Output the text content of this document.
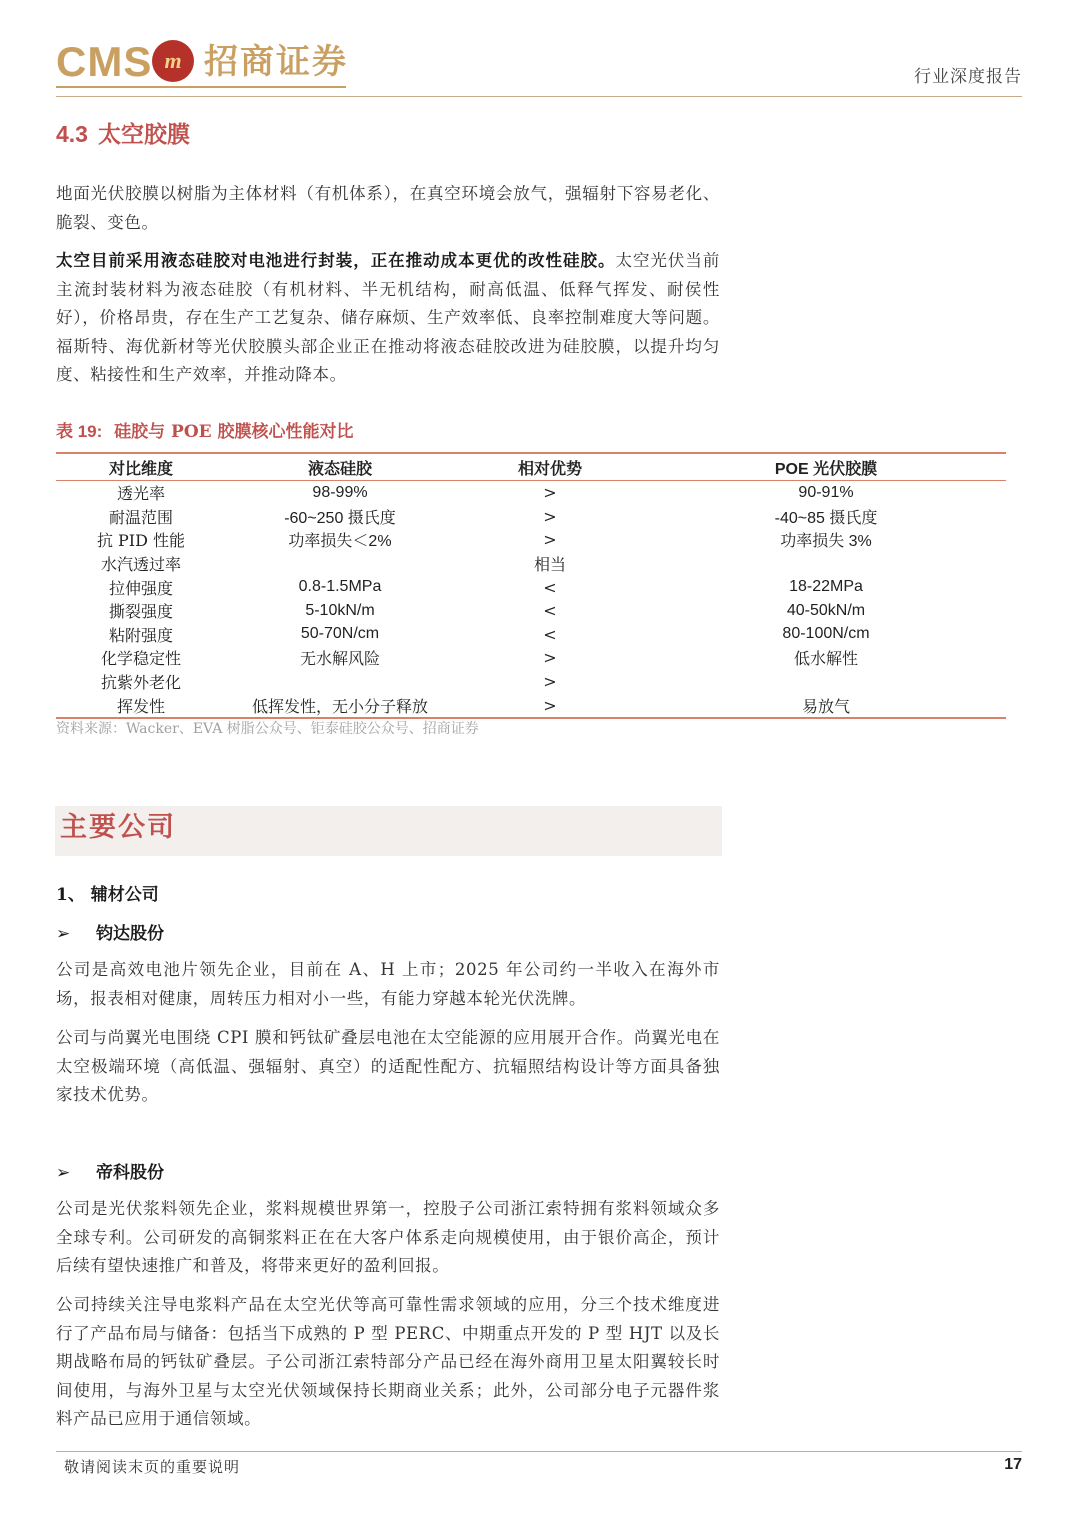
CMS m 招商证券	行业深度报告
4.3 太空胶膜
地面光伏胶膜以树脂为主体材料（有机体系），在真空环境会放气，强辐射下容易老化、脆裂、变色。
太空目前采用液态硅胶对电池进行封装，正在推动成本更优的改性硅胶。太空光伏当前主流封装材料为液态硅胶（有机材料、半无机结构，耐高低温、低释气挥发、耐侯性好），价格昂贵，存在生产工艺复杂、储存麻烦、生产效率低、良率控制难度大等问题。福斯特、海优新材等光伏胶膜头部企业正在推动将液态硅胶改进为硅胶膜，以提升均匀度、粘接性和生产效率，并推动降本。
表 19: 硅胶与 POE 胶膜核心性能对比
对比维度	液态硅胶	相对优势	POE 光伏胶膜
透光率	98-99%	>	90-91%
耐温范围	-60~250 摄氏度	>	-40~85 摄氏度
抗 PID 性能	功率损失＜2%	>	功率损失 3%
水汽透过率		相当	
拉伸强度	0.8-1.5MPa	<	18-22MPa
撕裂强度	5-10kN/m	<	40-50kN/m
粘附强度	50-70N/cm	<	80-100N/cm
化学稳定性	无水解风险	>	低水解性
抗紫外老化		>	
挥发性	低挥发性，无小分子释放	>	易放气
资料来源：Wacker、EVA 树脂公众号、钜泰硅胶公众号、招商证券
主要公司
1、 辅材公司
➢ 钧达股份
公司是高效电池片领先企业，目前在 A、H 上市；2025 年公司约一半收入在海外市场，报表相对健康，周转压力相对小一些，有能力穿越本轮光伏洗牌。
公司与尚翼光电围绕 CPI 膜和钙钛矿叠层电池在太空能源的应用展开合作。尚翼光电在太空极端环境（高低温、强辐射、真空）的适配性配方、抗辐照结构设计等方面具备独家技术优势。
➢ 帝科股份
公司是光伏浆料领先企业，浆料规模世界第一，控股子公司浙江索特拥有浆料领域众多全球专利。公司研发的高铜浆料正在在大客户体系走向规模使用，由于银价高企，预计后续有望快速推广和普及，将带来更好的盈利回报。
公司持续关注导电浆料产品在太空光伏等高可靠性需求领域的应用，分三个技术维度进行了产品布局与储备：包括当下成熟的 P 型 PERC、中期重点开发的 P 型 HJT 以及长期战略布局的钙钛矿叠层。子公司浙江索特部分产品已经在海外商用卫星太阳翼较长时间使用，与海外卫星与太空光伏领域保持长期商业关系；此外，公司部分电子元器件浆料产品已应用于通信领域。
敬请阅读末页的重要说明	17
